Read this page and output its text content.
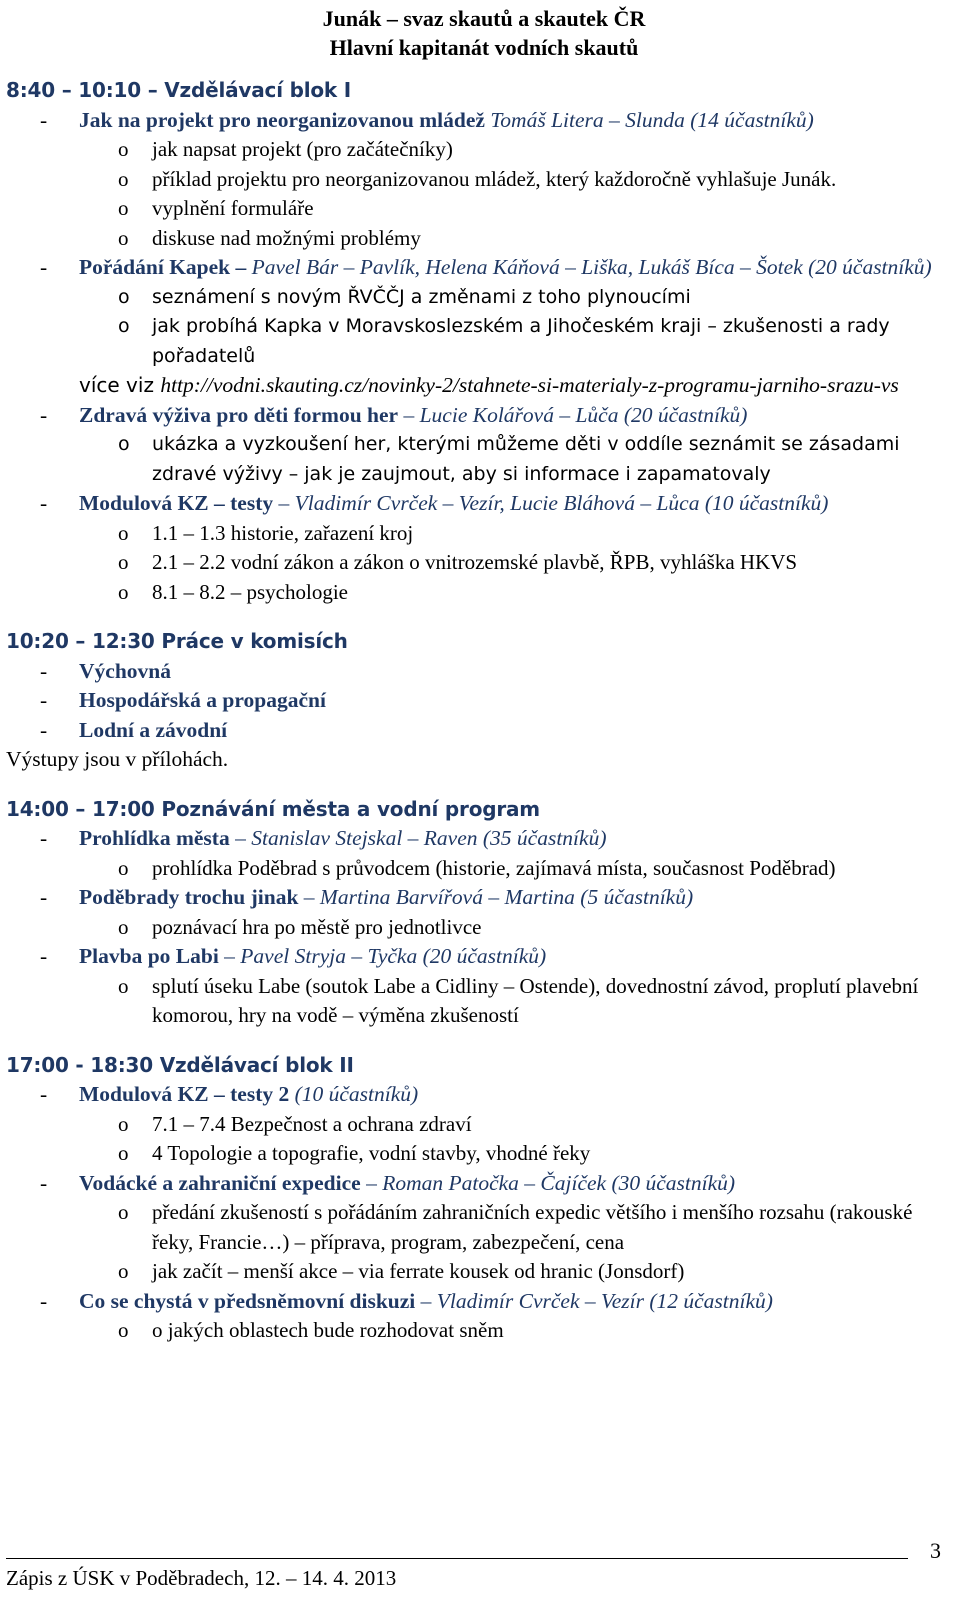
Junák – svaz skautů a skautek ČR
Hlavní kapitanát vodních skautů
8:40 – 10:10 – Vzdělávací blok I
- Jak na projekt pro neorganizovanou mládež Tomáš Litera – Slunda (14 účastníků)
o jak napsat projekt (pro začátečníky)
o příklad projektu pro neorganizovanou mládež, který každoročně vyhlašuje Junák.
o vyplnění formuláře
o diskuse nad možnými problémy
- Pořádání Kapek – Pavel Bár – Pavlík, Helena Káňová – Liška, Lukáš Bíca – Šotek (20 účastníků)
o seznámení s novým ŘVČČJ a změnami z toho plynoucími
o jak probíhá Kapka v Moravskoslezském a Jihočeském kraji – zkušenosti a rady pořadatelů
více viz http://vodni.skauting.cz/novinky-2/stahnete-si-materialy-z-programu-jarniho-srazu-vs
- Zdravá výživa pro děti formou her – Lucie Kolářová – Lůča (20 účastníků)
o ukázka a vyzkoušení her, kterými můžeme děti v oddíle seznámit se zásadami zdravé výživy – jak je zaujmout, aby si informace i zapamatovaly
- Modulová KZ – testy – Vladimír Cvrček – Vezír, Lucie Bláhová – Lůca (10 účastníků)
o 1.1 – 1.3 historie, zařazení kroj
o 2.1 – 2.2 vodní zákon a zákon o vnitrozemské plavbě, ŘPB, vyhláška HKVS
o 8.1 – 8.2 – psychologie
10:20 – 12:30 Práce v komisích
- Výchovná
- Hospodářská a propagační
- Lodní a závodní
Výstupy jsou v přílohách.
14:00 – 17:00 Poznávání města a vodní program
- Prohlídka města – Stanislav Stejskal – Raven (35 účastníků)
o prohlídka Poděbrad s průvodcem (historie, zajímavá místa, současnost Poděbrad)
- Poděbrady trochu jinak – Martina Barvířová – Martina (5 účastníků)
o poznávací hra po městě pro jednotlivce
- Plavba po Labi – Pavel Stryja – Tyčka (20 účastníků)
o splutí úseku Labe (soutok Labe a Cidliny – Ostende), dovednostní závod, proplutí plavební komorou, hry na vodě – výměna zkušeností
17:00 - 18:30 Vzdělávací blok II
- Modulová KZ – testy 2 (10 účastníků)
o 7.1 – 7.4 Bezpečnost a ochrana zdraví
o 4 Topologie a topografie, vodní stavby, vhodné řeky
- Vodácké a zahraniční expedice – Roman Patočka – Čajíček (30 účastníků)
o předání zkušeností s pořádáním zahraničních expedic většího i menšího rozsahu (rakouské řeky, Francie…) – příprava, program, zabezpečení, cena
o jak začít – menší akce – via ferrate kousek od hranic (Jonsdorf)
- Co se chystá v předsněmovní diskuzi – Vladimír Cvrček – Vezír (12 účastníků)
o o jakých oblastech bude rozhodovat sněm
3
Zápis z ÚSK v Poděbradech, 12. – 14. 4. 2013
